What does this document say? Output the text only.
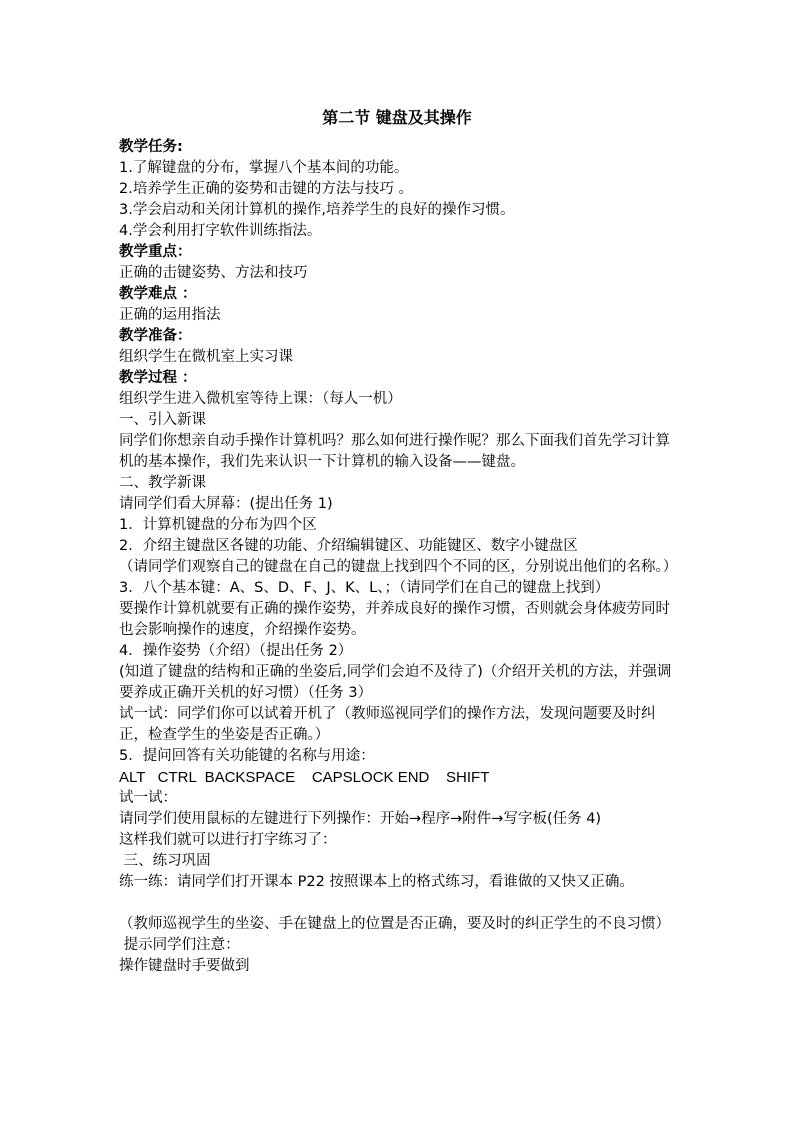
第二节 键盘及其操作

教学任务:

1.了解键盘的分布，掌握八个基本间的功能。

2.培养学生正确的姿势和击键的方法与技巧 。

3.学会启动和关闭计算机的操作,培养学生的良好的操作习惯。

4.学会利用打字软件训练指法。

教学重点：

正确的击键姿势、方法和技巧

教学难点 ：

正确的运用指法

教学准备：

组织学生在微机室上实习课

教学过程 ：

组织学生进入微机室等待上课：（每人一机）

一、引入新课

同学们你想亲自动手操作计算机吗？那么如何进行操作呢？那么下面我们首先学习计算机的基本操作，我们先来认识一下计算机的输入设备——键盘。

二、教学新课

请同学们看大屏幕：(提出任务 1)

1．计算机键盘的分布为四个区

2．介绍主键盘区各键的功能、介绍编辑键区、功能键区、数字小键盘区

（请同学们观察自己的键盘在自己的键盘上找到四个不同的区，分别说出他们的名称。）

3．八个基本键：A、S、D、F、J、K、L、；（请同学们在自己的键盘上找到）

要操作计算机就要有正确的操作姿势，并养成良好的操作习惯，否则就会身体疲劳同时也会影响操作的速度，介绍操作姿势。

4．操作姿势（介绍）（提出任务 2）

(知道了键盘的结构和正确的坐姿后,同学们会迫不及待了)（介绍开关机的方法，并强调要养成正确开关机的好习惯）（任务 3）

试一试：同学们你可以试着开机了（教师巡视同学们的操作方法，发现问题要及时纠正，检查学生的坐姿是否正确。）

5．提问回答有关功能键的名称与用途：

ALT   CTRL  BACKSPACE    CAPSLOCK END    SHIFT

试一试：

请同学们使用鼠标的左键进行下列操作：开始→程序→附件→写字板(任务 4)

这样我们就可以进行打字练习了：

三、练习巩固

练一练：请同学们打开课本 P22 按照课本上的格式练习，看谁做的又快又正确。

（教师巡视学生的坐姿、手在键盘上的位置是否正确，要及时的纠正学生的不良习惯）

提示同学们注意：

操作键盘时手要做到
